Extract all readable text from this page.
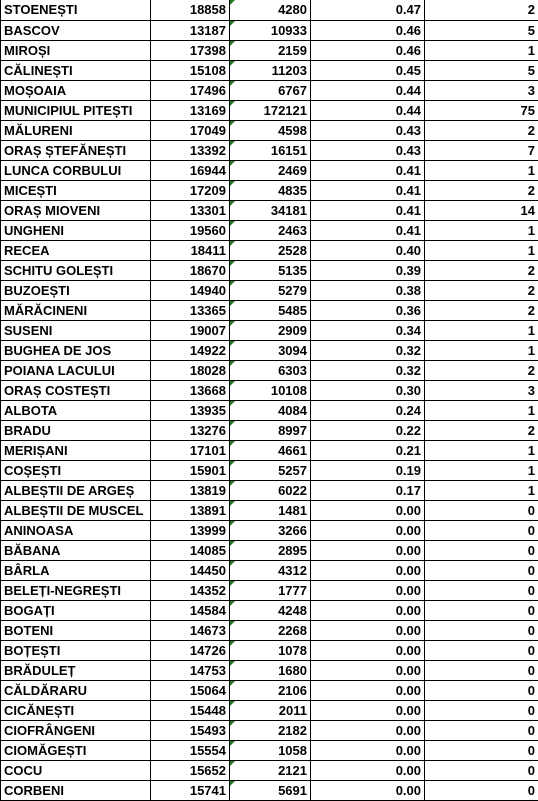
STOENEȘTI	18858	4280	0.47	2
BASCOV	13187	10933	0.46	5
MIROȘI	17398	2159	0.46	1
CĂLINEȘTI	15108	11203	0.45	5
MOȘOAIA	17496	6767	0.44	3
MUNICIPIUL PITEȘTI	13169	172121	0.44	75
MĂLURENI	17049	4598	0.43	2
ORAȘ ȘTEFĂNEȘTI	13392	16151	0.43	7
LUNCA CORBULUI	16944	2469	0.41	1
MICEȘTI	17209	4835	0.41	2
ORAȘ MIOVENI	13301	34181	0.41	14
UNGHENI	19560	2463	0.41	1
RECEA	18411	2528	0.40	1
SCHITU GOLEȘTI	18670	5135	0.39	2
BUZOEȘTI	14940	5279	0.38	2
MĂRĂCINENI	13365	5485	0.36	2
SUSENI	19007	2909	0.34	1
BUGHEA DE JOS	14922	3094	0.32	1
POIANA LACULUI	18028	6303	0.32	2
ORAȘ COSTEȘTI	13668	10108	0.30	3
ALBOTA	13935	4084	0.24	1
BRADU	13276	8997	0.22	2
MERIȘANI	17101	4661	0.21	1
COȘEȘTI	15901	5257	0.19	1
ALBEȘTII DE ARGEȘ	13819	6022	0.17	1
ALBEȘTII DE MUSCEL	13891	1481	0.00	0
ANINOASA	13999	3266	0.00	0
BĂBANA	14085	2895	0.00	0
BÂRLA	14450	4312	0.00	0
BELEȚI-NEGREȘTI	14352	1777	0.00	0
BOGAȚI	14584	4248	0.00	0
BOTENI	14673	2268	0.00	0
BOȚEȘTI	14726	1078	0.00	0
BRĂDULEȚ	14753	1680	0.00	0
CĂLDĂRARU	15064	2106	0.00	0
CICĂNEȘTI	15448	2011	0.00	0
CIOFRÂNGENI	15493	2182	0.00	0
CIOMĂGEȘTI	15554	1058	0.00	0
COCU	15652	2121	0.00	0
CORBENI	15741	5691	0.00	0
